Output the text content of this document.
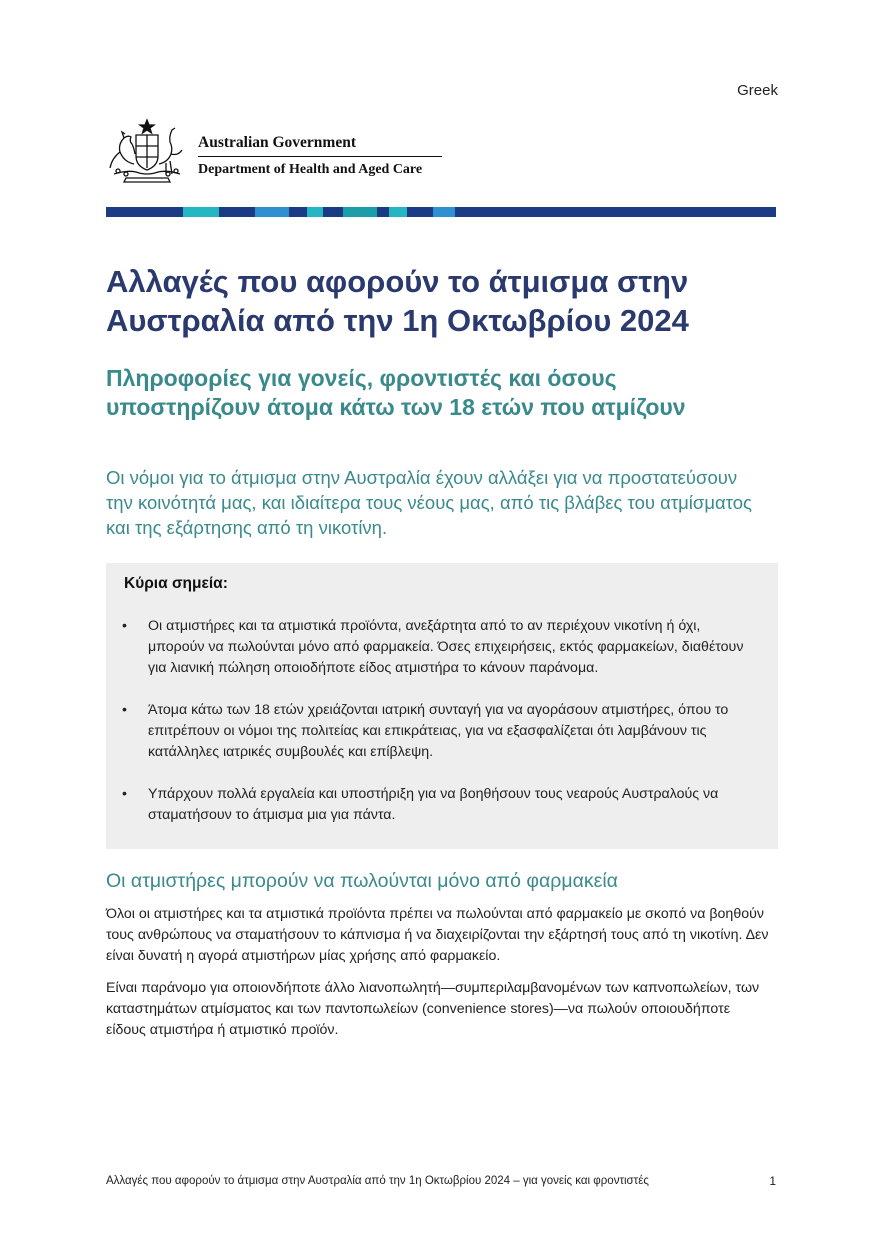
Greek
Australian Government
Department of Health and Aged Care
Αλλαγές που αφορούν το άτμισμα στην Αυστραλία από την 1η Οκτωβρίου 2024
Πληροφορίες για γονείς, φροντιστές και όσους υποστηρίζουν άτομα κάτω των 18 ετών που ατμίζουν

Οι νόμοι για το άτμισμα στην Αυστραλία έχουν αλλάξει για να προστατεύσουν την κοινότητά μας, και ιδιαίτερα τους νέους μας, από τις βλάβες του ατμίσματος και της εξάρτησης από τη νικοτίνη.

Κύρια σημεία:
• Οι ατμιστήρες και τα ατμιστικά προϊόντα, ανεξάρτητα από το αν περιέχουν νικοτίνη ή όχι, μπορούν να πωλούνται μόνο από φαρμακεία. Όσες επιχειρήσεις, εκτός φαρμακείων, διαθέτουν για λιανική πώληση οποιοδήποτε είδος ατμιστήρα το κάνουν παράνομα.
• Άτομα κάτω των 18 ετών χρειάζονται ιατρική συνταγή για να αγοράσουν ατμιστήρες, όπου το επιτρέπουν οι νόμοι της πολιτείας και επικράτειας, για να εξασφαλίζεται ότι λαμβάνουν τις κατάλληλες ιατρικές συμβουλές και επίβλεψη.
• Υπάρχουν πολλά εργαλεία και υποστήριξη για να βοηθήσουν τους νεαρούς Αυστραλούς να σταματήσουν το άτμισμα μια για πάντα.
Οι ατμιστήρες μπορούν να πωλούνται μόνο από φαρμακεία

Όλοι οι ατμιστήρες και τα ατμιστικά προϊόντα πρέπει να πωλούνται από φαρμακείο με σκοπό να βοηθούν τους ανθρώπους να σταματήσουν το κάπνισμα ή να διαχειρίζονται την εξάρτησή τους από τη νικοτίνη. Δεν είναι δυνατή η αγορά ατμιστήρων μίας χρήσης από φαρμακείο.

Είναι παράνομο για οποιονδήποτε άλλο λιανοπωλητή—συμπεριλαμβανομένων των καπνοπωλείων, των καταστημάτων ατμίσματος και των παντοπωλείων (convenience stores)—να πωλούν οποιουδήποτε είδους ατμιστήρα ή ατμιστικό προϊόν.

Αλλαγές που αφορούν το άτμισμα στην Αυστραλία από την 1η Οκτωβρίου 2024 – για γονείς και φροντιστές	1
